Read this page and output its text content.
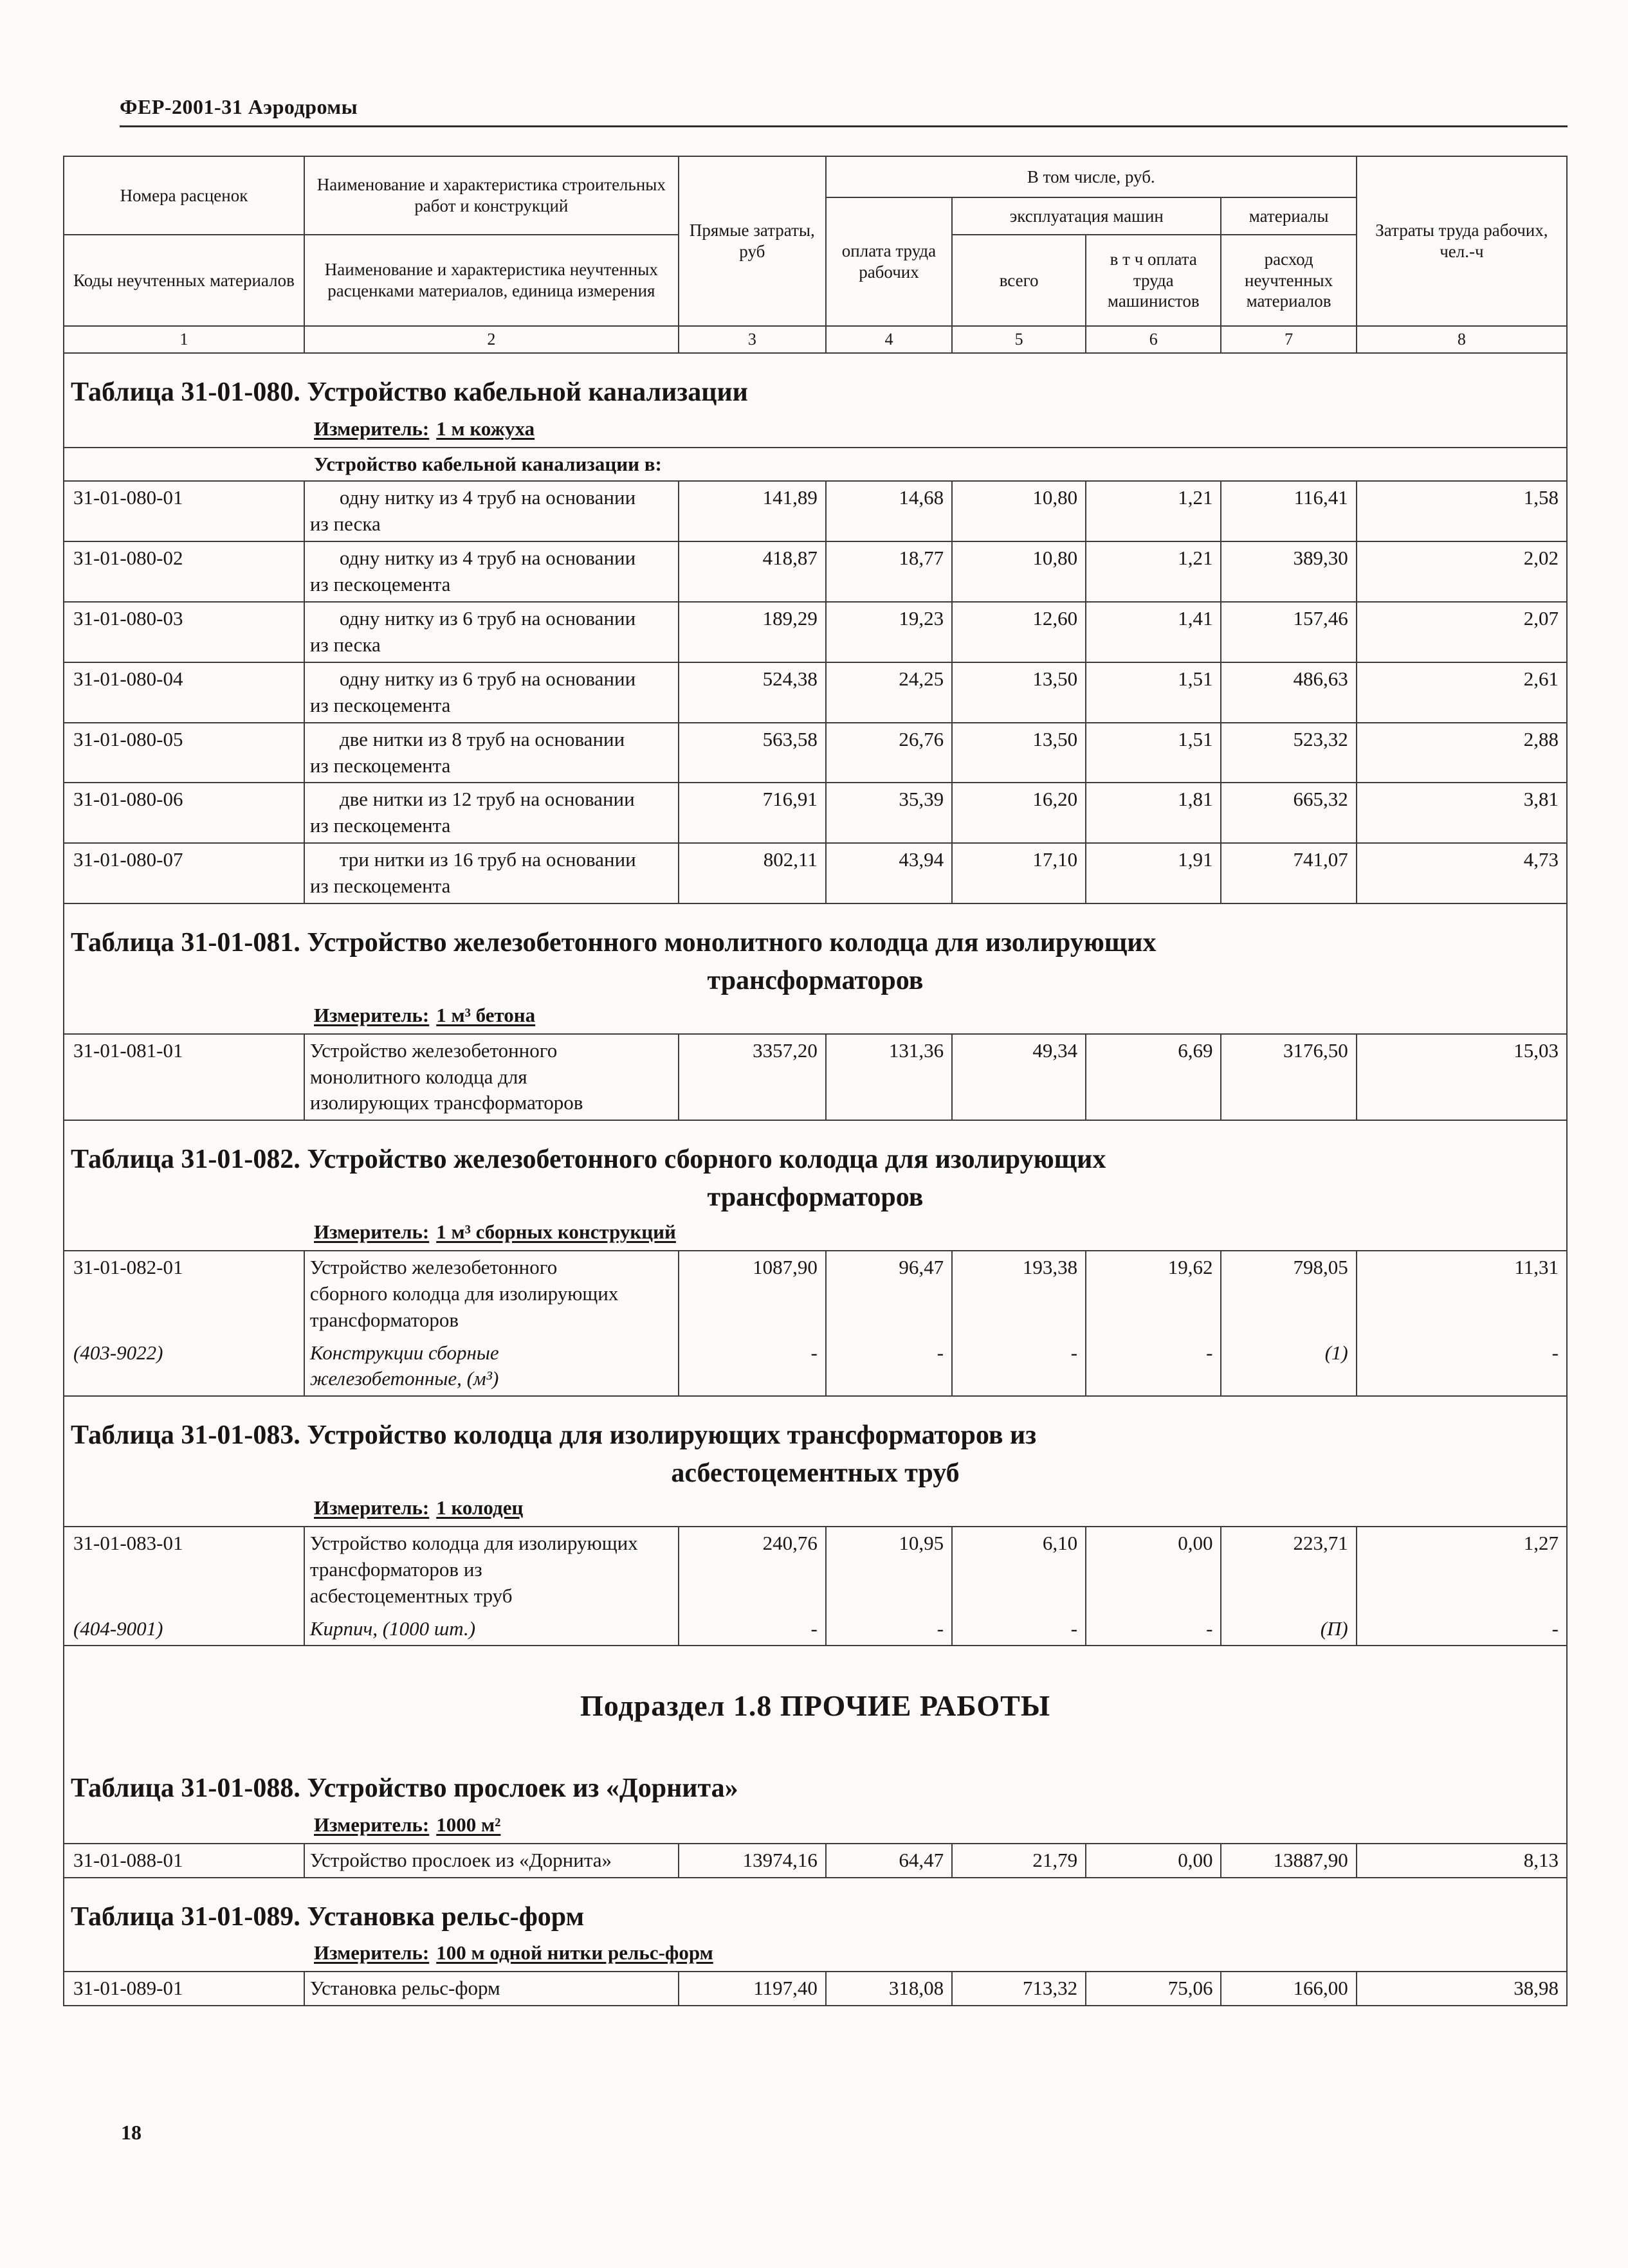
ФЕР-2001-31 Аэродромы
Номера расценок	Наименование и характеристика строительных работ и конструкций	Прямые затраты, руб	В том числе, руб.				Затраты труда рабочих, чел.-ч
			оплата труда рабочих	эксплуатация машин		материалы	
Коды неучтенных материалов	Наименование и характеристика неучтенных расценками материалов, единица измерения			всего	в т ч оплата труда машинистов	расход неучтенных материалов	
1	2	3	4	5	6	7	8
Таблица 31-01-080. Устройство кабельной канализации
Измеритель: 1 м кожуха
Устройство кабельной канализации в:							
31-01-080-01	одну нитку из 4 труб на основании из песка	141,89	14,68	10,80	1,21	116,41	1,58
31-01-080-02	одну нитку из 4 труб на основании из пескоцемента	418,87	18,77	10,80	1,21	389,30	2,02
31-01-080-03	одну нитку из 6 труб на основании из песка	189,29	19,23	12,60	1,41	157,46	2,07
31-01-080-04	одну нитку из 6 труб на основании из пескоцемента	524,38	24,25	13,50	1,51	486,63	2,61
31-01-080-05	две нитки из 8 труб на основании из пескоцемента	563,58	26,76	13,50	1,51	523,32	2,88
31-01-080-06	две нитки из 12 труб на основании из пескоцемента	716,91	35,39	16,20	1,81	665,32	3,81
31-01-080-07	три нитки из 16 труб на основании из пескоцемента	802,11	43,94	17,10	1,91	741,07	4,73
Таблица 31-01-081. Устройство железобетонного монолитного колодца для изолирующих
трансформаторов
Измеритель: 1 м³ бетона
31-01-081-01	Устройство железобетонного монолитного колодца для изолирующих трансформаторов	3357,20	131,36	49,34	6,69	3176,50	15,03
Таблица 31-01-082. Устройство железобетонного сборного колодца для изолирующих
трансформаторов
Измеритель: 1 м³ сборных конструкций
31-01-082-01	Устройство железобетонного сборного колодца для изолирующих трансформаторов	1087,90	96,47	193,38	19,62	798,05	11,31
(403-9022)	Конструкции сборные железобетонные, (м³)	-	-	-	-	(1)	-
Таблица 31-01-083. Устройство колодца для изолирующих трансформаторов из
асбестоцементных труб
Измеритель: 1 колодец
31-01-083-01	Устройство колодца для изолирующих трансформаторов из асбестоцементных труб	240,76	10,95	6,10	0,00	223,71	1,27
(404-9001)	Кирпич, (1000 шт.)	-	-	-	-	(П)	-
Подраздел 1.8 ПРОЧИЕ РАБОТЫ
Таблица 31-01-088. Устройство прослоек из «Дорнита»
Измеритель: 1000 м²
31-01-088-01	Устройство прослоек из «Дорнита»	13974,16	64,47	21,79	0,00	13887,90	8,13
Таблица 31-01-089. Установка рельс-форм
Измеритель: 100 м одной нитки рельс-форм
31-01-089-01	Установка рельс-форм	1197,40	318,08	713,32	75,06	166,00	38,98
18
